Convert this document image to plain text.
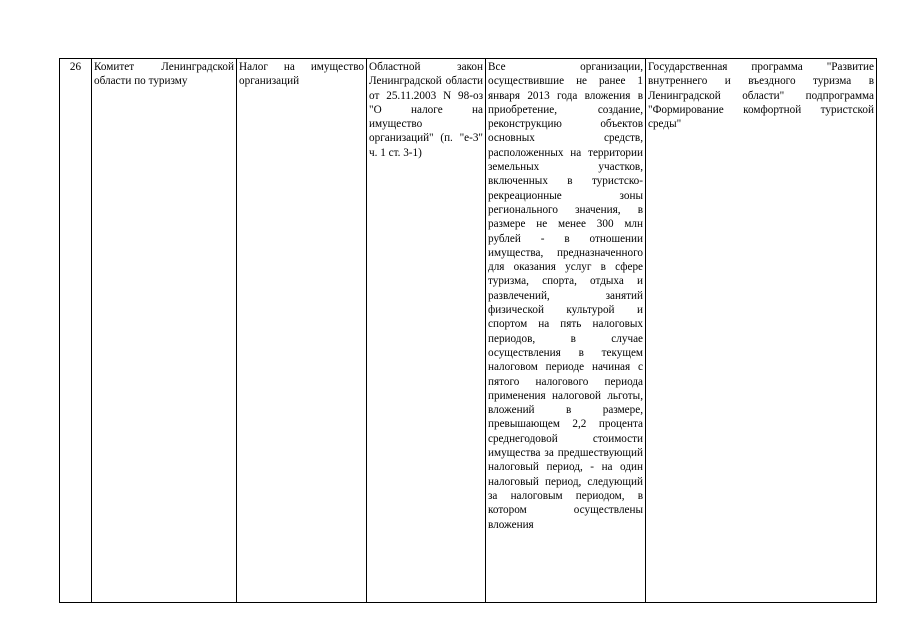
26	Комитет Ленинградской области по туризму	Налог на имущество организаций	Областной закон Ленинградской области от 25.11.2003 N 98-оз "О налоге на имущество организаций" (п. "е-3" ч. 1 ст. 3-1)	Все организации, осуществившие не ранее 1 января 2013 года вложения в приобретение, создание, реконструкцию объектов основных средств, расположенных на территории земельных участков, включенных в туристско-рекреационные зоны регионального значения, в размере не менее 300 млн рублей - в отношении имущества, предназначенного для оказания услуг в сфере туризма, спорта, отдыха и развлечений, занятий физической культурой и спортом на пять налоговых периодов, в случае осуществления в текущем налоговом периоде начиная с пятого налогового периода применения налоговой льготы, вложений в размере, превышающем 2,2 процента среднегодовой стоимости имущества за предшествующий налоговый период, - на один налоговый период, следующий за налоговым периодом, в котором осуществлены вложения	Государственная программа "Развитие внутреннего и въездного туризма в Ленинградской области" подпрограмма "Формирование комфортной туристской среды"
